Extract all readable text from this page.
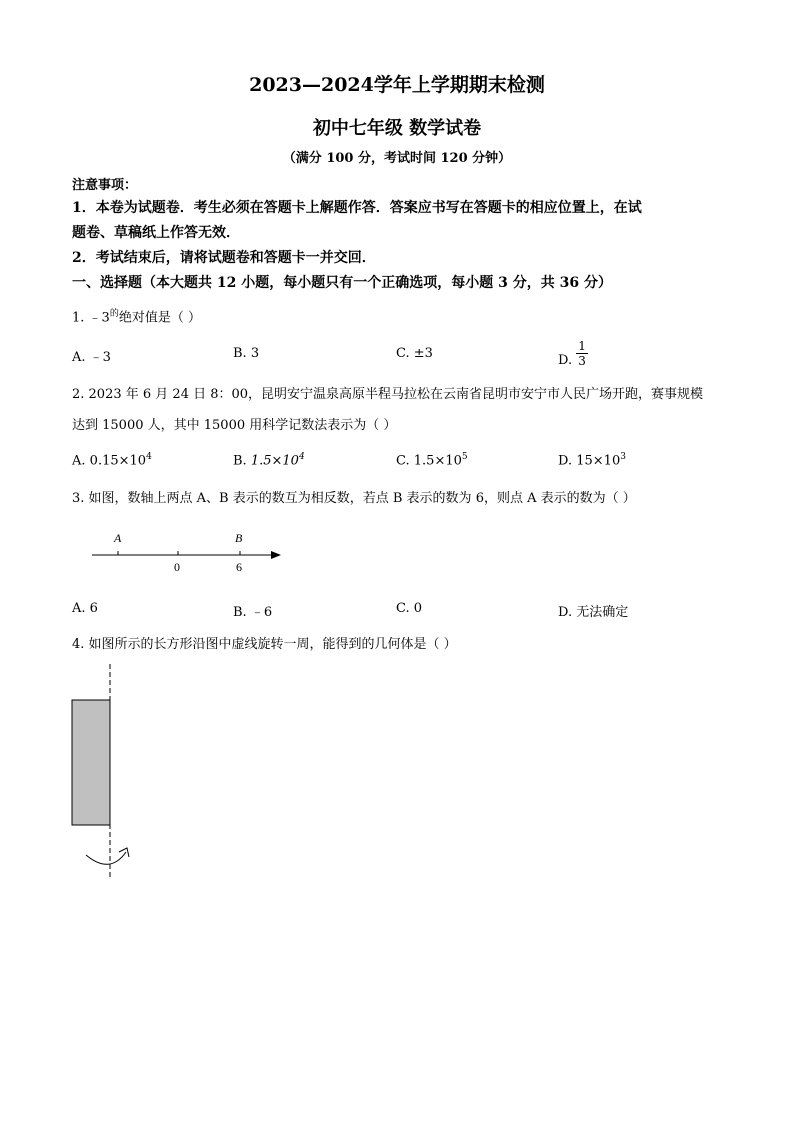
2023—2024学年上学期期末检测
初中七年级 数学试卷
（满分 100 分，考试时间 120 分钟）
注意事项：
1．本卷为试题卷．考生必须在答题卡上解题作答．答案应书写在答题卡的相应位置上，在试
题卷、草稿纸上作答无效．
2．考试结束后，请将试题卷和答题卡一并交回．
一、选择题（本大题共 12 小题，每小题只有一个正确选项，每小题 3 分，共 36 分）
1. $﹣3^的$绝对值是（ ）
A. ﹣3	B. 3	C. ±3	D. $\frac{1}{3}$
2. 2023 年 6 月 24 日 8：00，昆明安宁温泉高原半程马拉松在云南省昆明市安宁市人民广场开跑，赛事规模
达到 15000 人，其中 15000 用科学记数法表示为（ ）
A. $0.15\times 10^4$	B. $1.5\times 10^4$	C. $1.5\times 10^5$	D. $15\times 10^3$
3. 如图，数轴上两点 A、B 表示的数互为相反数，若点 B 表示的数为 6，则点 A 表示的数为（ ）
A	B
0	6
A. 6	B. ﹣6	C. 0	D. 无法确定
4. 如图所示的长方形沿图中虚线旋转一周，能得到的几何体是（ ）
